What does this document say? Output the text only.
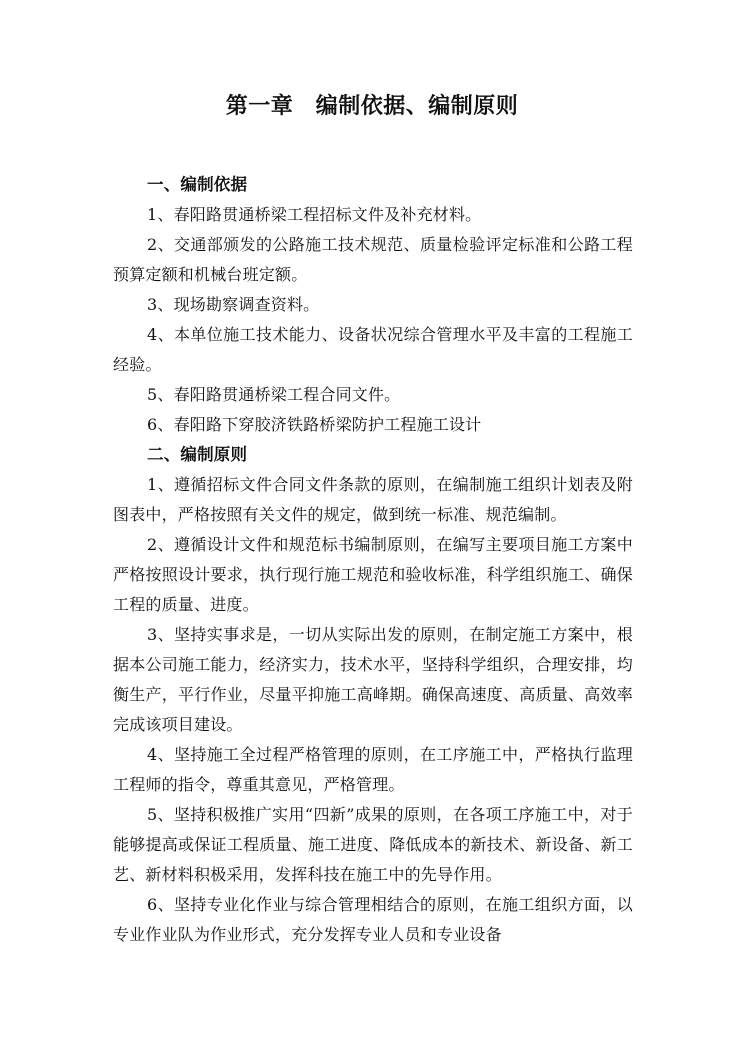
第一章　编制依据、编制原则

一、编制依据

1、春阳路贯通桥梁工程招标文件及补充材料。

2、交通部颁发的公路施工技术规范、质量检验评定标准和公路工程预算定额和机械台班定额。

3、现场勘察调查资料。

4、本单位施工技术能力、设备状况综合管理水平及丰富的工程施工经验。

5、春阳路贯通桥梁工程合同文件。

6、春阳路下穿胶济铁路桥梁防护工程施工设计

二、编制原则

1、遵循招标文件合同文件条款的原则，在编制施工组织计划表及附图表中，严格按照有关文件的规定，做到统一标准、规范编制。

2、遵循设计文件和规范标书编制原则，在编写主要项目施工方案中严格按照设计要求，执行现行施工规范和验收标准，科学组织施工、确保工程的质量、进度。

3、坚持实事求是，一切从实际出发的原则，在制定施工方案中，根据本公司施工能力，经济实力，技术水平，坚持科学组织，合理安排，均衡生产，平行作业，尽量平抑施工高峰期。确保高速度、高质量、高效率完成该项目建设。

4、坚持施工全过程严格管理的原则，在工序施工中，严格执行监理工程师的指令，尊重其意见，严格管理。

5、坚持积极推广实用“四新”成果的原则，在各项工序施工中，对于能够提高或保证工程质量、施工进度、降低成本的新技术、新设备、新工艺、新材料积极采用，发挥科技在施工中的先导作用。

6、坚持专业化作业与综合管理相结合的原则，在施工组织方面，以专业作业队为作业形式，充分发挥专业人员和专业设备
